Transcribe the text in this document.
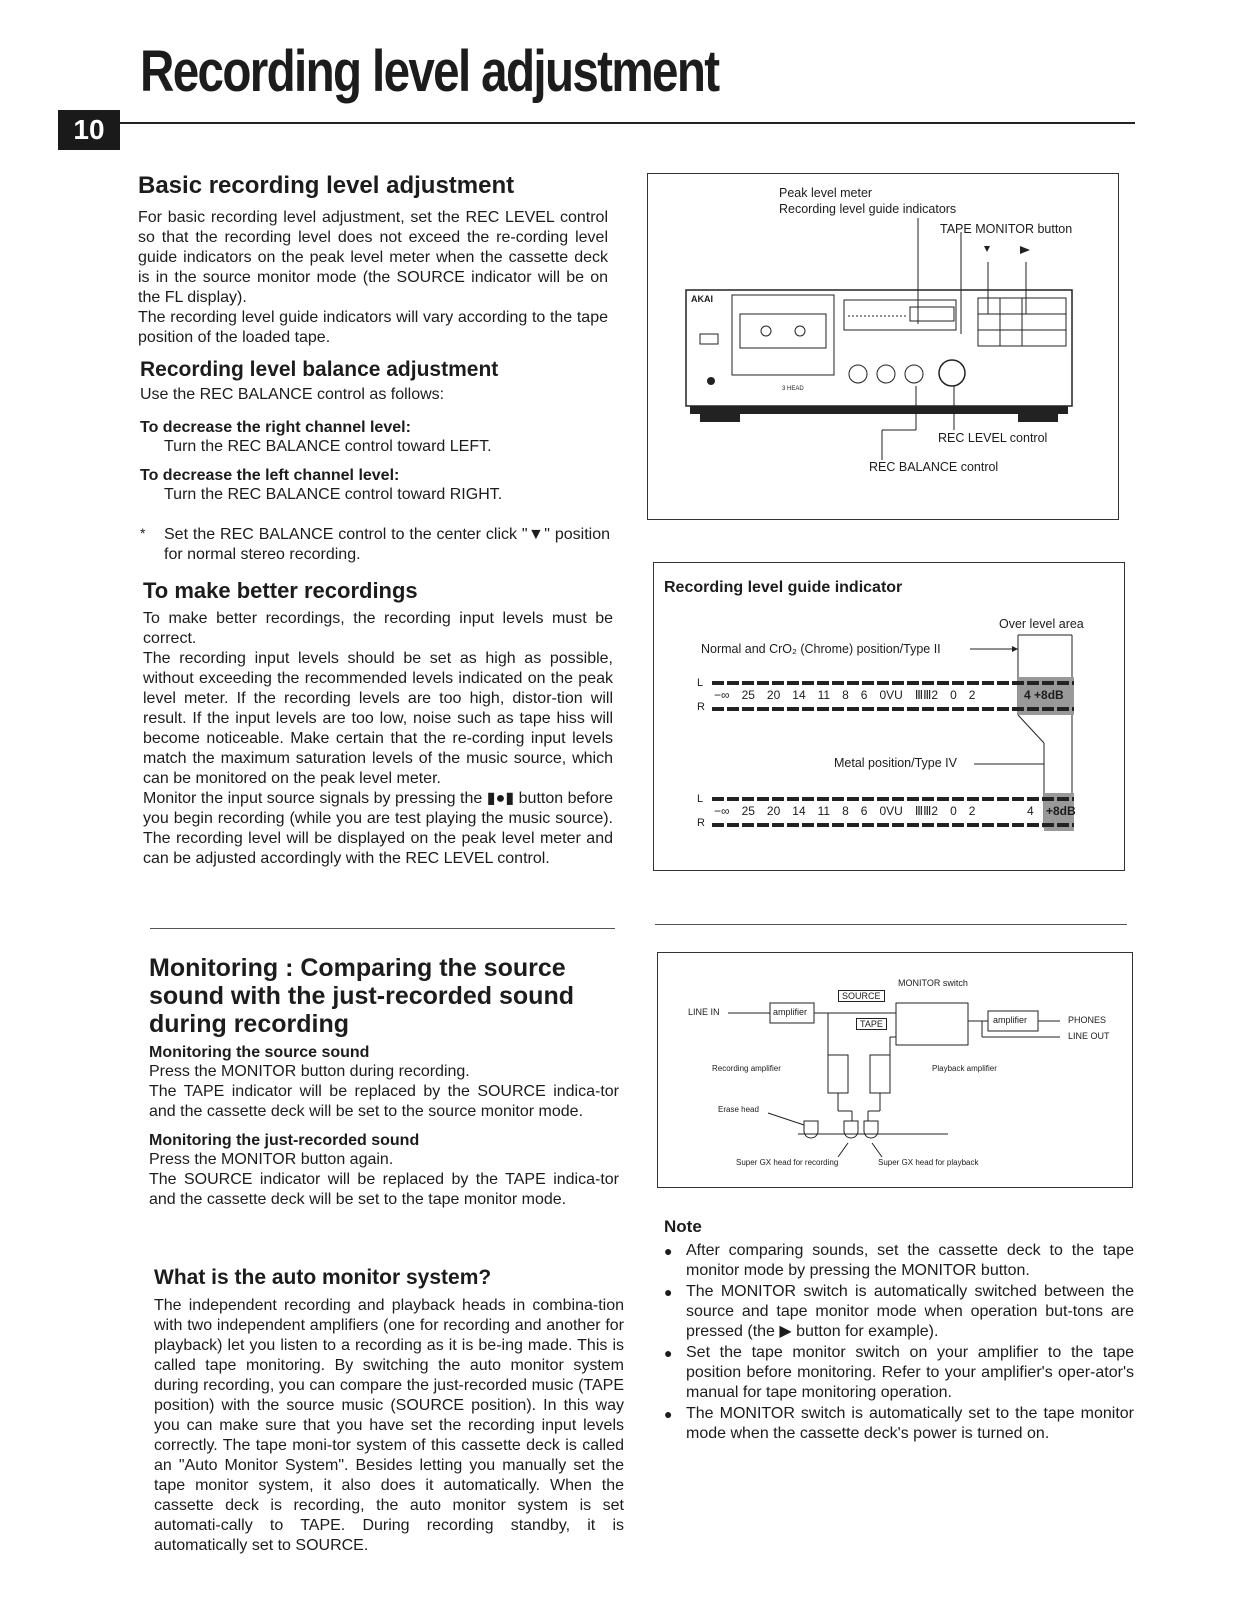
Recording level adjustment
10
Basic recording level adjustment

For basic recording level adjustment, set the REC LEVEL control so that the recording level does not exceed the re-cording level guide indicators on the peak level meter when the cassette deck is in the source monitor mode (the SOURCE indicator will be on the FL display).

The recording level guide indicators will vary according to the tape position of the loaded tape.

Recording level balance adjustment

Use the REC BALANCE control as follows:

To decrease the right channel level:

Turn the REC BALANCE control toward LEFT.

To decrease the left channel level:

Turn the REC BALANCE control toward RIGHT.

* Set the REC BALANCE control to the center click "▼" position for normal stereo recording.

To make better recordings

To make better recordings, the recording input levels must be correct.

The recording input levels should be set as high as possible, without exceeding the recommended levels indicated on the peak level meter. If the recording levels are too high, distor-tion will result. If the input levels are too low, noise such as tape hiss will become noticeable. Make certain that the re-cording input levels match the maximum saturation levels of the music source, which can be monitored on the peak level meter.

Monitor the input source signals by pressing the ▮●▮ button before you begin recording (while you are test playing the music source). The recording level will be displayed on the peak level meter and can be adjusted accordingly with the REC LEVEL control.

Monitoring : Comparing the source sound with the just-recorded sound during recording
Monitoring the source sound

Press the MONITOR button during recording.

The TAPE indicator will be replaced by the SOURCE indica-tor and the cassette deck will be set to the source monitor mode.

Monitoring the just-recorded sound

Press the MONITOR button again.

The SOURCE indicator will be replaced by the TAPE indica-tor and the cassette deck will be set to the tape monitor mode.

What is the auto monitor system?

The independent recording and playback heads in combina-tion with two independent amplifiers (one for recording and another for playback) let you listen to a recording as it is be-ing made. This is called tape monitoring. By switching the auto monitor system during recording, you can compare the just-recorded music (TAPE position) with the source music (SOURCE position). In this way you can make sure that you have set the recording input levels correctly. The tape moni-tor system of this cassette deck is called an "Auto Monitor System". Besides letting you manually set the tape monitor system, it also does it automatically. When the cassette deck is recording, the auto monitor system is set automati-cally to TAPE. During recording standby, it is automatically set to SOURCE.

Peak level meter
Recording level guide indicators
TAPE MONITOR button
AKAI
3 HEAD
REC LEVEL control
REC BALANCE control
Recording level guide indicator
Over level area
Normal and CrO₂ (Chrome) position/Type II
Metal position/Type IV
L
R
−∞ 25 20 14 11 8 6 0VU ⅢⅢ2 0 2	4 +8dB
L
R
−∞ 25 20 14 11 8 6 0VU ⅢⅢ2 0 2	4 +8dB
MONITOR switch
SOURCE
TAPE
LINE IN	amplifier
amplifier	PHONES
LINE OUT
Recording amplifier	Playback amplifier
Erase head
Super GX head for recording	Super GX head for playback
Note
● After comparing sounds, set the cassette deck to the tape monitor mode by pressing the MONITOR button.
● The MONITOR switch is automatically switched between the source and tape monitor mode when operation but-tons are pressed (the ▶ button for example).
● Set the tape monitor switch on your amplifier to the tape position before monitoring. Refer to your amplifier's oper-ator's manual for tape monitoring operation.
● The MONITOR switch is automatically set to the tape monitor mode when the cassette deck's power is turned on.
